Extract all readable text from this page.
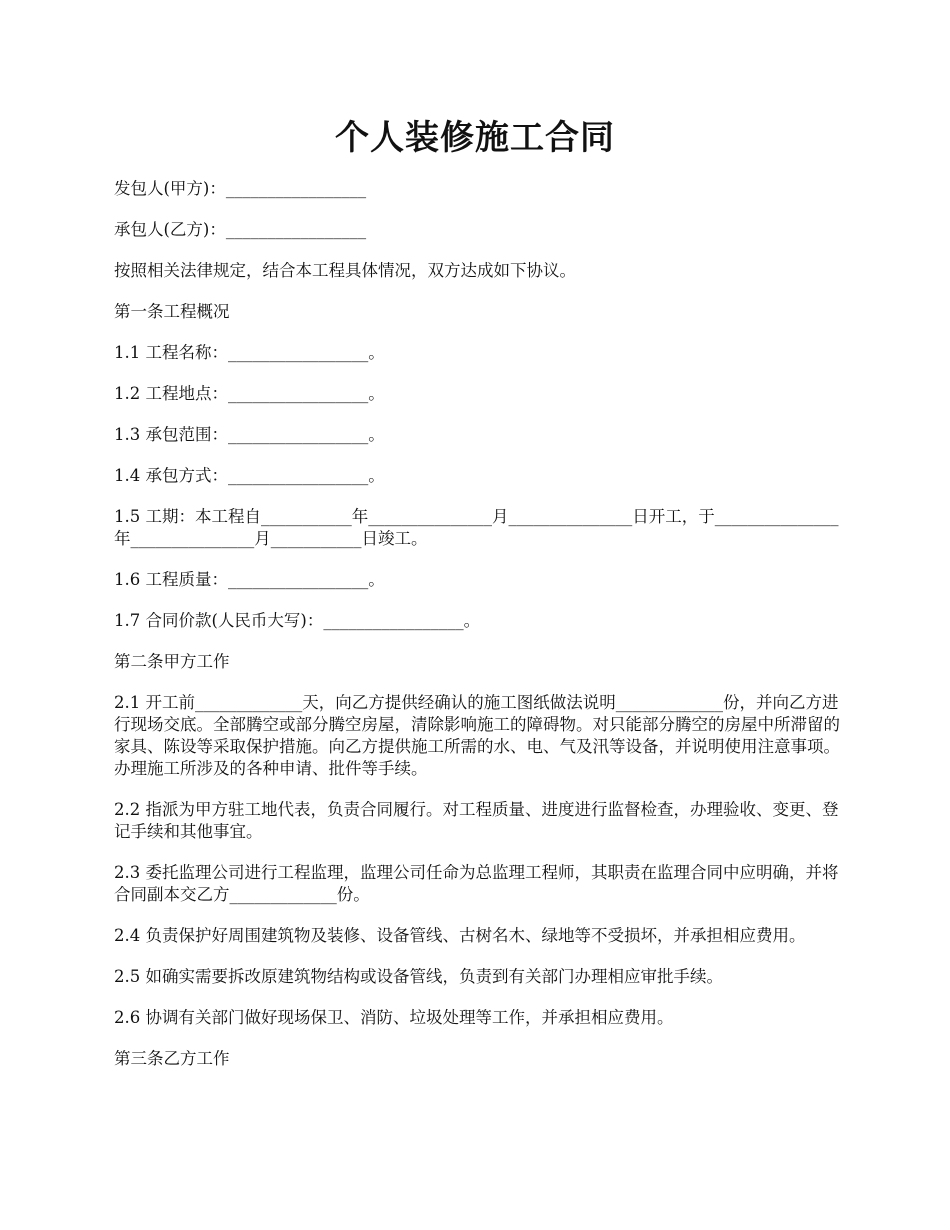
个人装修施工合同

发包人(甲方)：_________________

承包人(乙方)：_________________

按照相关法律规定，结合本工程具体情况，双方达成如下协议。

第一条工程概况

1.1 工程名称：_________________。

1.2 工程地点：_________________。

1.3 承包范围：_________________。

1.4 承包方式：_________________。

1.5 工期：本工程自___________年_______________月_______________日开工，于_______________年_______________月___________日竣工。

1.6 工程质量：_________________。

1.7 合同价款(人民币大写)：_________________。

第二条甲方工作

2.1 开工前_____________天，向乙方提供经确认的施工图纸做法说明_____________份，并向乙方进行现场交底。全部腾空或部分腾空房屋，清除影响施工的障碍物。对只能部分腾空的房屋中所滞留的家具、陈设等采取保护措施。向乙方提供施工所需的水、电、气及汛等设备，并说明使用注意事项。办理施工所涉及的各种申请、批件等手续。

2.2 指派为甲方驻工地代表，负责合同履行。对工程质量、进度进行监督检查，办理验收、变更、登记手续和其他事宜。

2.3 委托监理公司进行工程监理，监理公司任命为总监理工程师，其职责在监理合同中应明确，并将合同副本交乙方_____________份。

2.4 负责保护好周围建筑物及装修、设备管线、古树名木、绿地等不受损坏，并承担相应费用。

2.5 如确实需要拆改原建筑物结构或设备管线，负责到有关部门办理相应审批手续。

2.6 协调有关部门做好现场保卫、消防、垃圾处理等工作，并承担相应费用。

第三条乙方工作
